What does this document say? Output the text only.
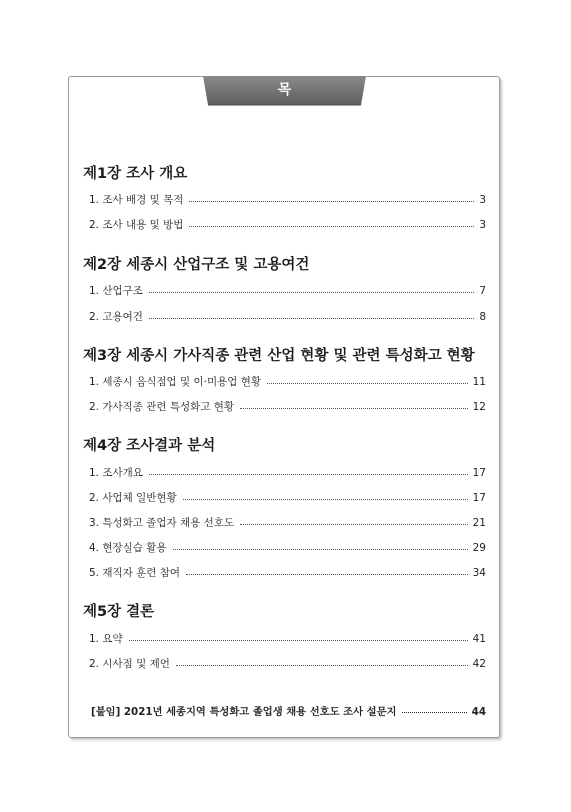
목 차
제1장 조사 개요
1. 조사 배경 및 목적	3
2. 조사 내용 및 방법	3
제2장 세종시 산업구조 및 고용여건
1. 산업구조	7
2. 고용여건	8
제3장 세종시 가사직종 관련 산업 현황 및 관련 특성화고 현황
1. 세종시 음식점업 및 이·미용업 현황	11
2. 가사직종 관련 특성화고 현황	12
제4장 조사결과 분석
1. 조사개요	17
2. 사업체 일반현황	17
3. 특성화고 졸업자 채용 선호도	21
4. 현장실습 활용	29
5. 재직자 훈련 참여	34
제5장 결론
1. 요약	41
2. 시사점 및 제언	42
[붙임] 2021년 세종지역 특성화고 졸업생 채용 선호도 조사 설문지	44
